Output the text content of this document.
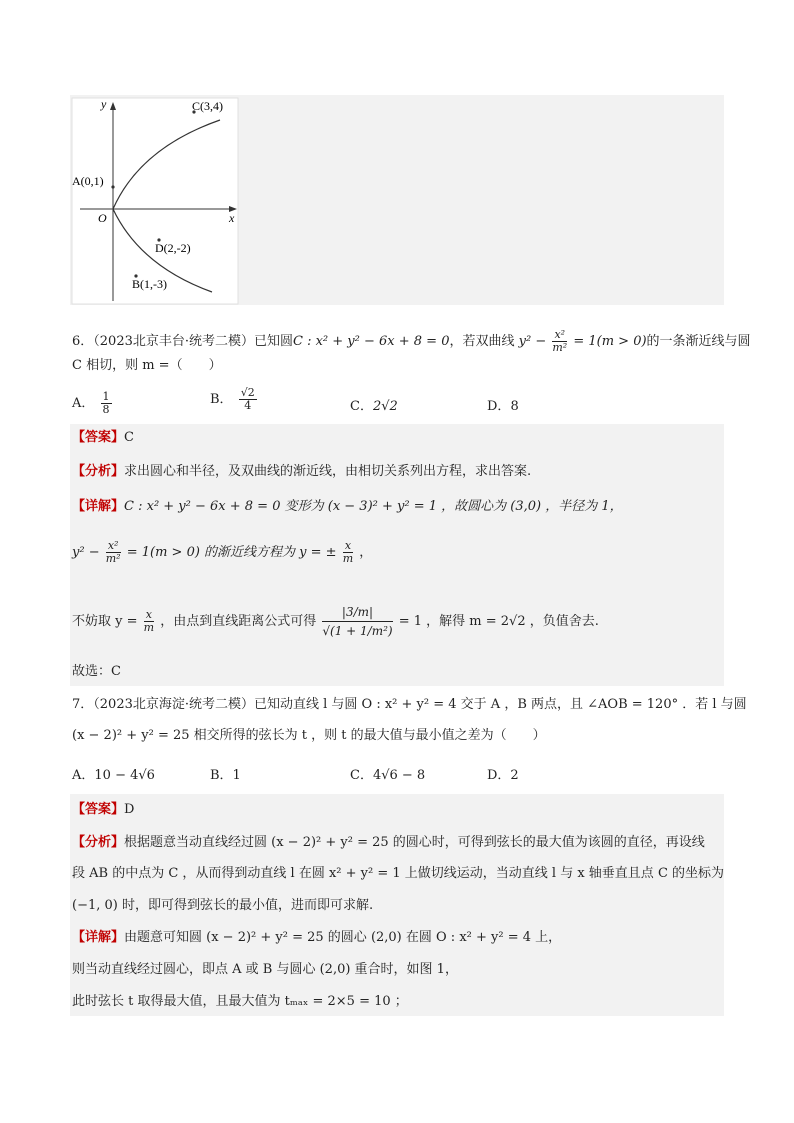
y
x
O
A(0,1)
C(3,4)
D(2,-2)
B(1,-3)
6．（2023北京丰台·统考二模）已知圆C : x² + y² − 6x + 8 = 0，若双曲线 $y^2 - \frac{\text{x²}}{\text{m²}} = 1(m > 0)$的一条渐近线与圆
C 相切，则 m =（　　）
A． $\frac{1}{8}$	B． $\frac{√2}{4}$	C．2√2	D．8
【答案】C
【分析】求出圆心和半径，及双曲线的渐近线，由相切关系列出方程，求出答案.
【详解】C : x² + y² − 6x + 8 = 0 变形为 (x − 3)² + y² = 1 ，故圆心为 (3,0) ，半径为 1，
$y^2 - \frac{\text{x²}}{\text{m²}} = 1(m > 0)$ 的渐近线方程为 y = ± $\frac{x}{m}$ ，
不妨取 $y = \frac{x}{m}$ ，由点到直线距离公式可得 $\frac{|3/m|}{\text{√(1 + 1/m²)}} = 1$ ，解得 m = 2√2 ，负值舍去.
故选：C
7．（2023北京海淀·统考二模）已知动直线 l 与圆 O : x² + y² = 4 交于 A ，B 两点，且 ∠AOB = 120° ．若 l 与圆
(x − 2)² + y² = 25 相交所得的弦长为 t ，则 t 的最大值与最小值之差为（　　）
A．10 − 4√6	B．1	C．4√6 − 8	D．2
【答案】D
【分析】根据题意当动直线经过圆 (x − 2)² + y² = 25 的圆心时，可得到弦长的最大值为该圆的直径，再设线
段 AB 的中点为 C ，从而得到动直线 l 在圆 x² + y² = 1 上做切线运动，当动直线 l 与 x 轴垂直且点 C 的坐标为
(−1, 0) 时，即可得到弦长的最小值，进而即可求解.
【详解】由题意可知圆 (x − 2)² + y² = 25 的圆心 (2,0) 在圆 O : x² + y² = 4 上，
则当动直线经过圆心，即点 A 或 B 与圆心 (2,0) 重合时，如图 1，
此时弦长 t 取得最大值，且最大值为 tₘₐₓ = 2×5 = 10 ；
